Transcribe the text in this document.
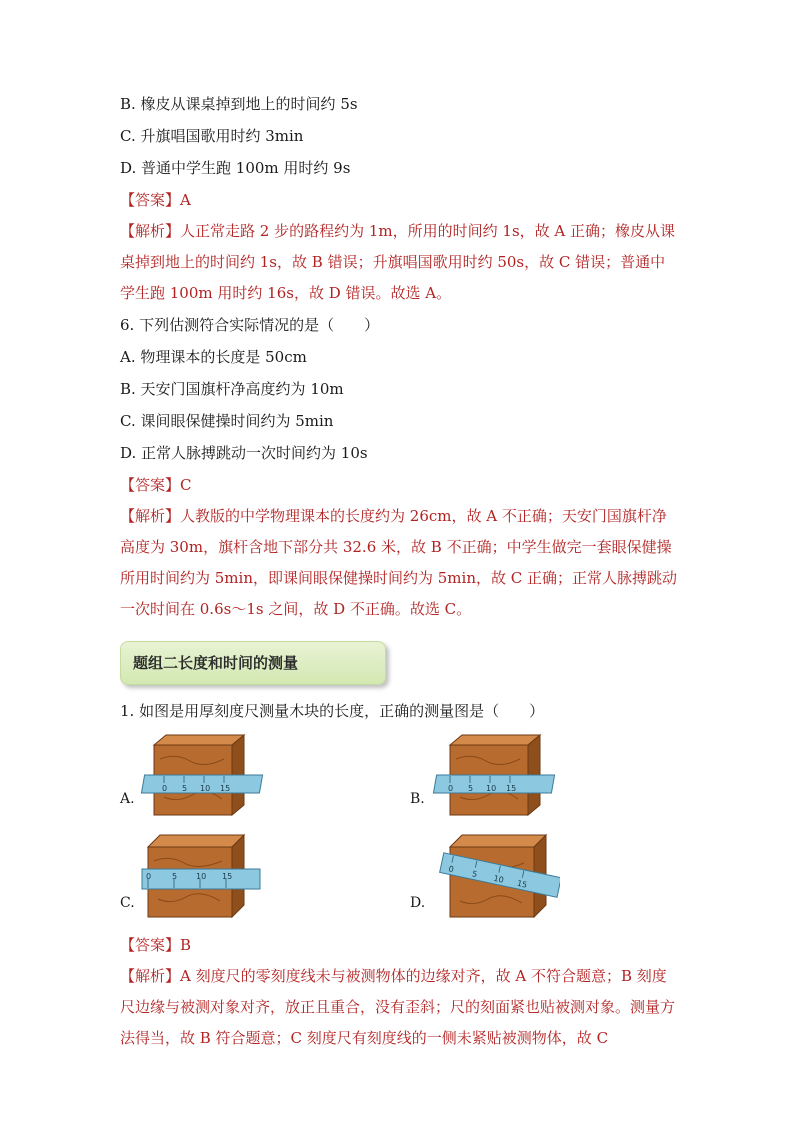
B. 橡皮从课桌掉到地上的时间约 5s
C. 升旗唱国歌用时约 3min
D. 普通中学生跑 100m 用时约 9s
【答案】A
【解析】人正常走路 2 步的路程约为 1m，所用的时间约 1s，故 A 正确；橡皮从课桌掉到地上的时间约 1s，故 B 错误；升旗唱国歌用时约 50s，故 C 错误；普通中学生跑 100m 用时约 16s，故 D 错误。故选 A。
6. 下列估测符合实际情况的是（　　）
A. 物理课本的长度是 50cm
B. 天安门国旗杆净高度约为 10m
C. 课间眼保健操时间约为 5min
D. 正常人脉搏跳动一次时间约为 10s
【答案】C
【解析】人教版的中学物理课本的长度约为 26cm，故 A 不正确；天安门国旗杆净高度为 30m，旗杆含地下部分共 32.6 米，故 B 不正确；中学生做完一套眼保健操所用时间约为 5min，即课间眼保健操时间约为 5min，故 C 正确；正常人脉搏跳动一次时间在 0.6s～1s 之间，故 D 不正确。故选 C。
题组二长度和时间的测量
1. 如图是用厚刻度尺测量木块的长度，正确的测量图是（　　）
0 5 10 15
A.
0 5 10 15
B.
0	5 10 15
C.
0
5 10 15
D.
【答案】B
【解析】A 刻度尺的零刻度线未与被测物体的边缘对齐，故 A 不符合题意；B 刻度尺边缘与被测对象对齐，放正且重合，没有歪斜；尺的刻面紧也贴被测对象。测量方法得当，故 B 符合题意；C 刻度尺有刻度线的一侧未紧贴被测物体，故 C
